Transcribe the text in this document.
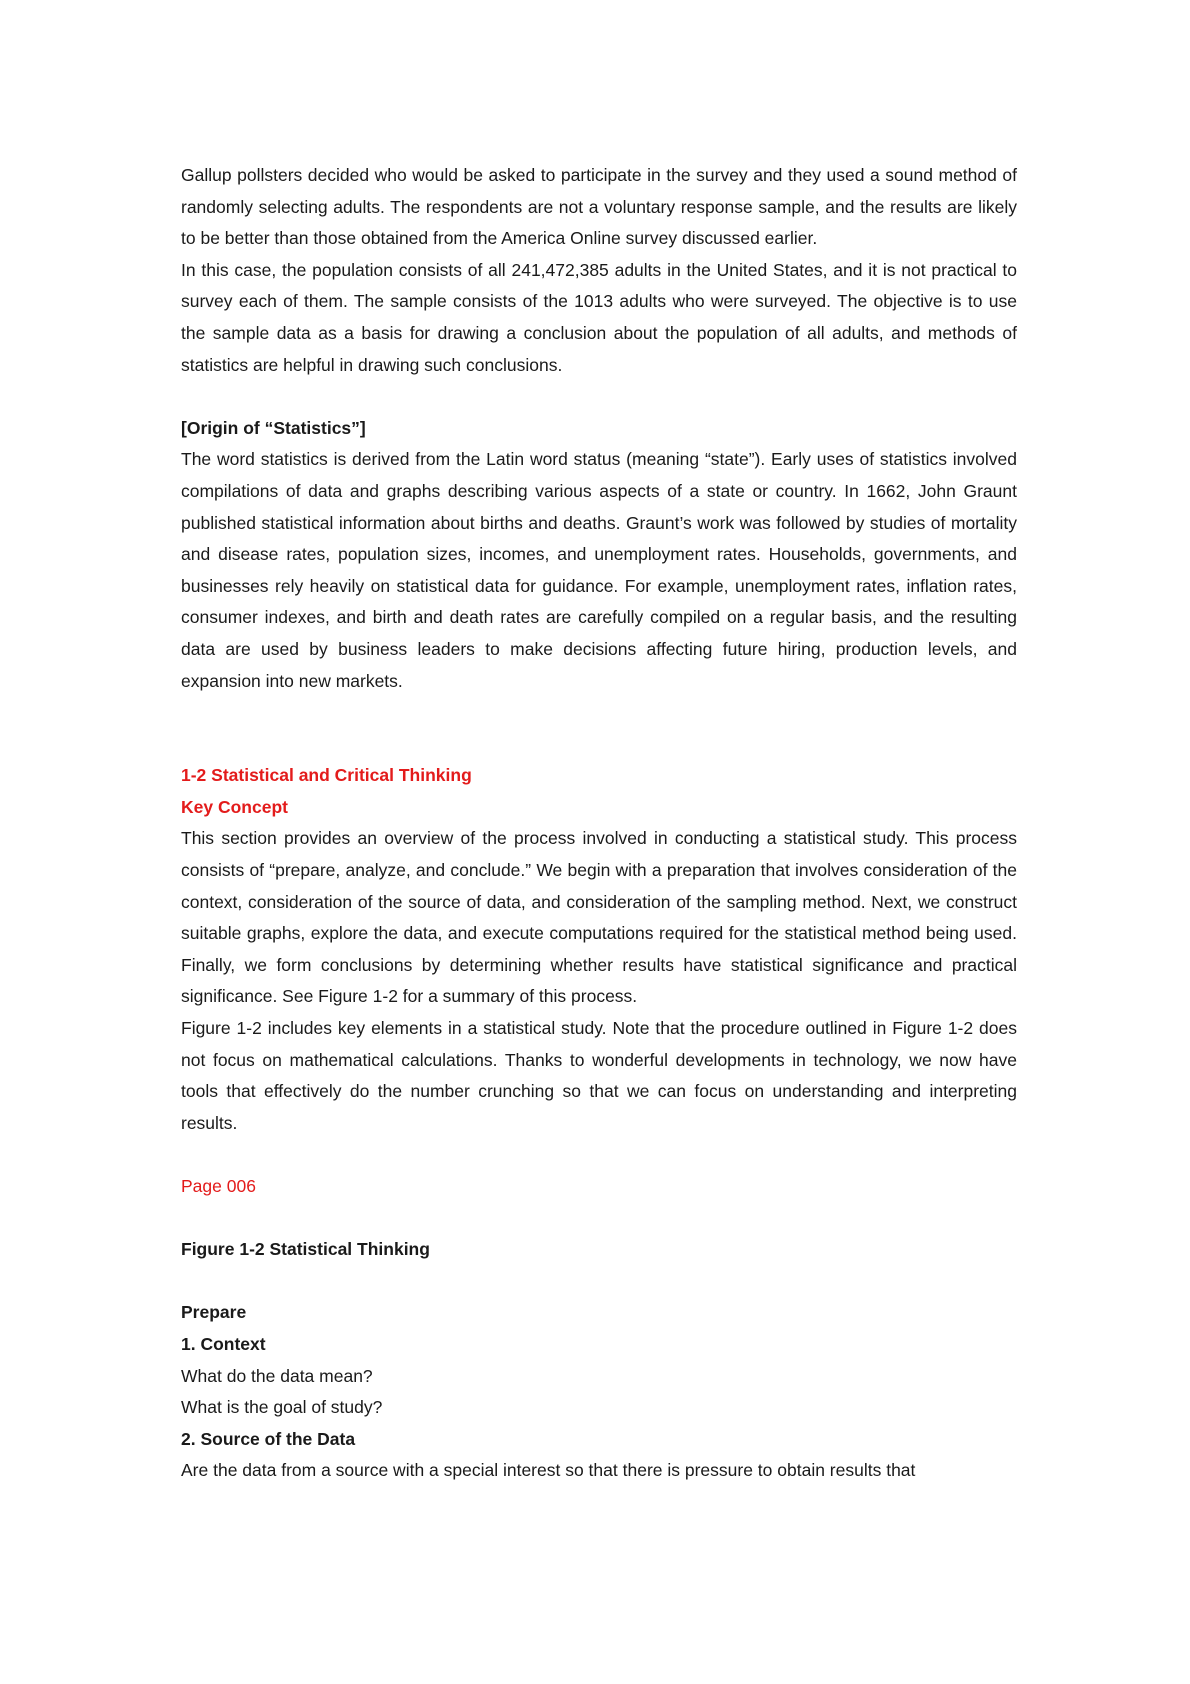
Gallup pollsters decided who would be asked to participate in the survey and they used a sound method of randomly selecting adults. The respondents are not a voluntary response sample, and the results are likely to be better than those obtained from the America Online survey discussed earlier.

In this case, the population consists of all 241,472,385 adults in the United States, and it is not practical to survey each of them. The sample consists of the 1013 adults who were surveyed. The objective is to use the sample data as a basis for drawing a conclusion about the population of all adults, and methods of statistics are helpful in drawing such conclusions.

[Origin of “Statistics”]

The word statistics is derived from the Latin word status (meaning “state”). Early uses of statistics involved compilations of data and graphs describing various aspects of a state or country. In 1662, John Graunt published statistical information about births and deaths. Graunt’s work was followed by studies of mortality and disease rates, population sizes, incomes, and unemployment rates. Households, governments, and businesses rely heavily on statistical data for guidance. For example, unemployment rates, inflation rates, consumer indexes, and birth and death rates are carefully compiled on a regular basis, and the resulting data are used by business leaders to make decisions affecting future hiring, production levels, and expansion into new markets.

1-2 Statistical and Critical Thinking

Key Concept

This section provides an overview of the process involved in conducting a statistical study. This process consists of “prepare, analyze, and conclude.” We begin with a preparation that involves consideration of the context, consideration of the source of data, and consideration of the sampling method. Next, we construct suitable graphs, explore the data, and execute computations required for the statistical method being used. Finally, we form conclusions by determining whether results have statistical significance and practical significance. See Figure 1-2 for a summary of this process.

Figure 1-2 includes key elements in a statistical study. Note that the procedure outlined in Figure 1-2 does not focus on mathematical calculations. Thanks to wonderful developments in technology, we now have tools that effectively do the number crunching so that we can focus on understanding and interpreting results.

Page 006

Figure 1-2 Statistical Thinking

Prepare

1. Context

What do the data mean?

What is the goal of study?

2. Source of the Data

Are the data from a source with a special interest so that there is pressure to obtain results that
